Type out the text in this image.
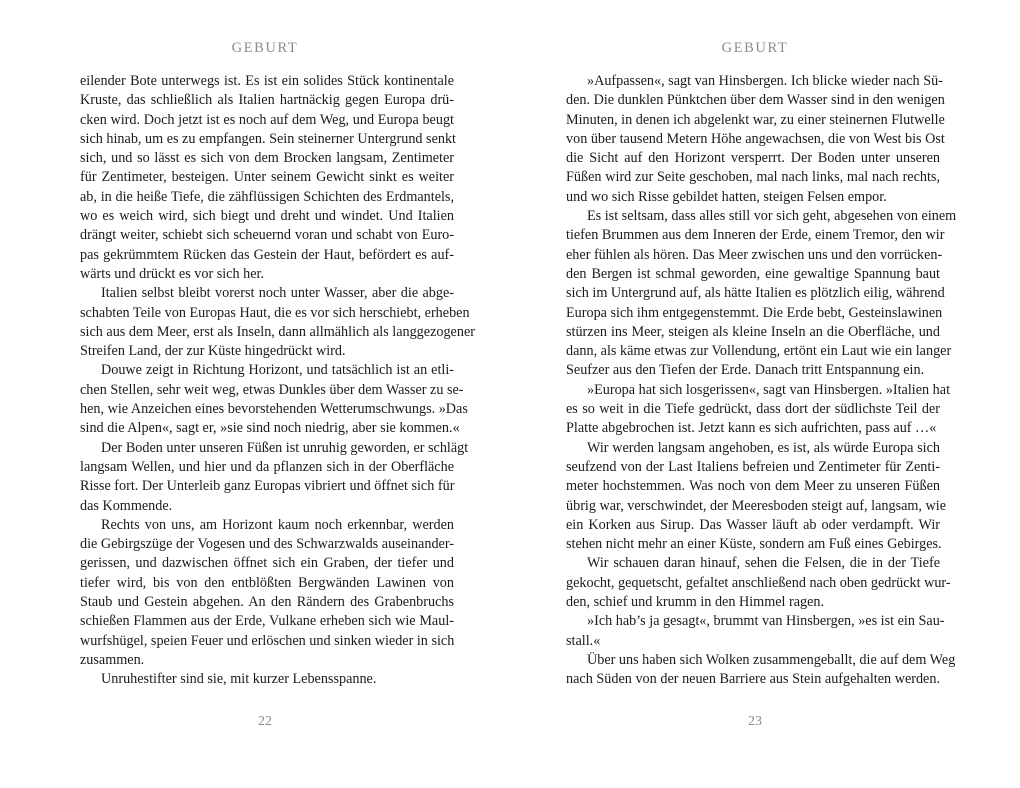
GEBURT
eilender Bote unterwegs ist. Es ist ein solides Stück kontinentale
Kruste, das schließlich als Italien hartnäckig gegen Europa drü-
cken wird. Doch jetzt ist es noch auf dem Weg, und Europa beugt
sich hinab, um es zu empfangen. Sein steinerner Untergrund senkt
sich, und so lässt es sich von dem Brocken langsam, Zentimeter
für Zentimeter, besteigen. Unter seinem Gewicht sinkt es weiter
ab, in die heiße Tiefe, die zähflüssigen Schichten des Erdmantels,
wo es weich wird, sich biegt und dreht und windet. Und Italien
drängt weiter, schiebt sich scheuernd voran und schabt von Euro-
pas gekrümmtem Rücken das Gestein der Haut, befördert es auf-
wärts und drückt es vor sich her.
Italien selbst bleibt vorerst noch unter Wasser, aber die abge-
schabten Teile von Europas Haut, die es vor sich herschiebt, erheben
sich aus dem Meer, erst als Inseln, dann allmählich als langgezogener
Streifen Land, der zur Küste hingedrückt wird.
Douwe zeigt in Richtung Horizont, und tatsächlich ist an etli-
chen Stellen, sehr weit weg, etwas Dunkles über dem Wasser zu se-
hen, wie Anzeichen eines bevorstehenden Wetterumschwungs. »Das
sind die Alpen«, sagt er, »sie sind noch niedrig, aber sie kommen.«
Der Boden unter unseren Füßen ist unruhig geworden, er schlägt
langsam Wellen, und hier und da pflanzen sich in der Oberfläche
Risse fort. Der Unterleib ganz Europas vibriert und öffnet sich für
das Kommende.
Rechts von uns, am Horizont kaum noch erkennbar, werden
die Gebirgszüge der Vogesen und des Schwarzwalds auseinander-
gerissen, und dazwischen öffnet sich ein Graben, der tiefer und
tiefer wird, bis von den entblößten Bergwänden Lawinen von
Staub und Gestein abgehen. An den Rändern des Grabenbruchs
schießen Flammen aus der Erde, Vulkane erheben sich wie Maul-
wurfshügel, speien Feuer und erlöschen und sinken wieder in sich
zusammen.
Unruhestifter sind sie, mit kurzer Lebensspanne.
22
GEBURT
»Aufpassen«, sagt van Hinsbergen. Ich blicke wieder nach Sü-
den. Die dunklen Pünktchen über dem Wasser sind in den wenigen
Minuten, in denen ich abgelenkt war, zu einer steinernen Flutwelle
von über tausend Metern Höhe angewachsen, die von West bis Ost
die Sicht auf den Horizont versperrt. Der Boden unter unseren
Füßen wird zur Seite geschoben, mal nach links, mal nach rechts,
und wo sich Risse gebildet hatten, steigen Felsen empor.
Es ist seltsam, dass alles still vor sich geht, abgesehen von einem
tiefen Brummen aus dem Inneren der Erde, einem Tremor, den wir
eher fühlen als hören. Das Meer zwischen uns und den vorrücken-
den Bergen ist schmal geworden, eine gewaltige Spannung baut
sich im Untergrund auf, als hätte Italien es plötzlich eilig, während
Europa sich ihm entgegenstemmt. Die Erde bebt, Gesteinslawinen
stürzen ins Meer, steigen als kleine Inseln an die Oberfläche, und
dann, als käme etwas zur Vollendung, ertönt ein Laut wie ein langer
Seufzer aus den Tiefen der Erde. Danach tritt Entspannung ein.
»Europa hat sich losgerissen«, sagt van Hinsbergen. »Italien hat
es so weit in die Tiefe gedrückt, dass dort der südlichste Teil der
Platte abgebrochen ist. Jetzt kann es sich aufrichten, pass auf …«
Wir werden langsam angehoben, es ist, als würde Europa sich
seufzend von der Last Italiens befreien und Zentimeter für Zenti-
meter hochstemmen. Was noch von dem Meer zu unseren Füßen
übrig war, verschwindet, der Meeresboden steigt auf, langsam, wie
ein Korken aus Sirup. Das Wasser läuft ab oder verdampft. Wir
stehen nicht mehr an einer Küste, sondern am Fuß eines Gebirges.
Wir schauen daran hinauf, sehen die Felsen, die in der Tiefe
gekocht, gequetscht, gefaltet anschließend nach oben gedrückt wur-
den, schief und krumm in den Himmel ragen.
»Ich hab’s ja gesagt«, brummt van Hinsbergen, »es ist ein Sau-
stall.«
Über uns haben sich Wolken zusammengeballt, die auf dem Weg
nach Süden von der neuen Barriere aus Stein aufgehalten werden.
23
